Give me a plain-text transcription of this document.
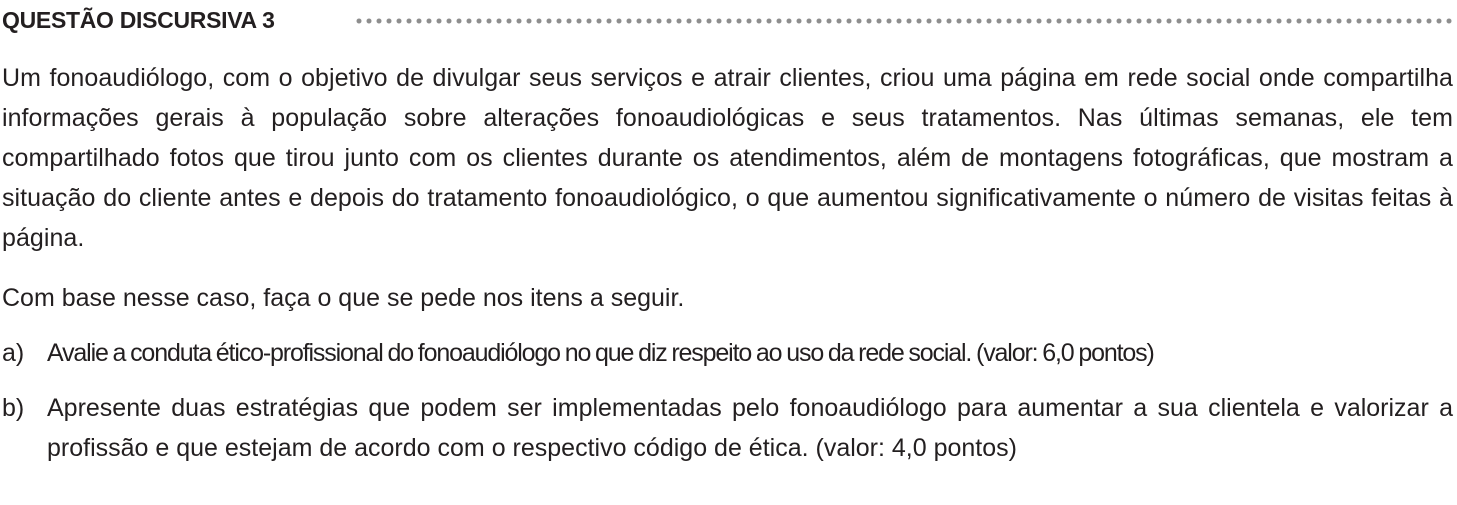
QUESTÃO DISCURSIVA 3
Um fonoaudiólogo, com o objetivo de divulgar seus serviços e atrair clientes, criou uma página em rede social onde compartilha informações gerais à população sobre alterações fonoaudiológicas e seus tratamentos. Nas últimas semanas, ele tem compartilhado fotos que tirou junto com os clientes durante os atendimentos, além de montagens fotográficas, que mostram a situação do cliente antes e depois do tratamento fonoaudiológico, o que aumentou significativamente o número de visitas feitas à página.
Com base nesse caso, faça o que se pede nos itens a seguir.
a) Avalie a conduta ético-profissional do fonoaudiólogo no que diz respeito ao uso da rede social. (valor: 6,0 pontos)
b) Apresente duas estratégias que podem ser implementadas pelo fonoaudiólogo para aumentar a sua clientela e valorizar a profissão e que estejam de acordo com o respectivo código de ética. (valor: 4,0 pontos)
